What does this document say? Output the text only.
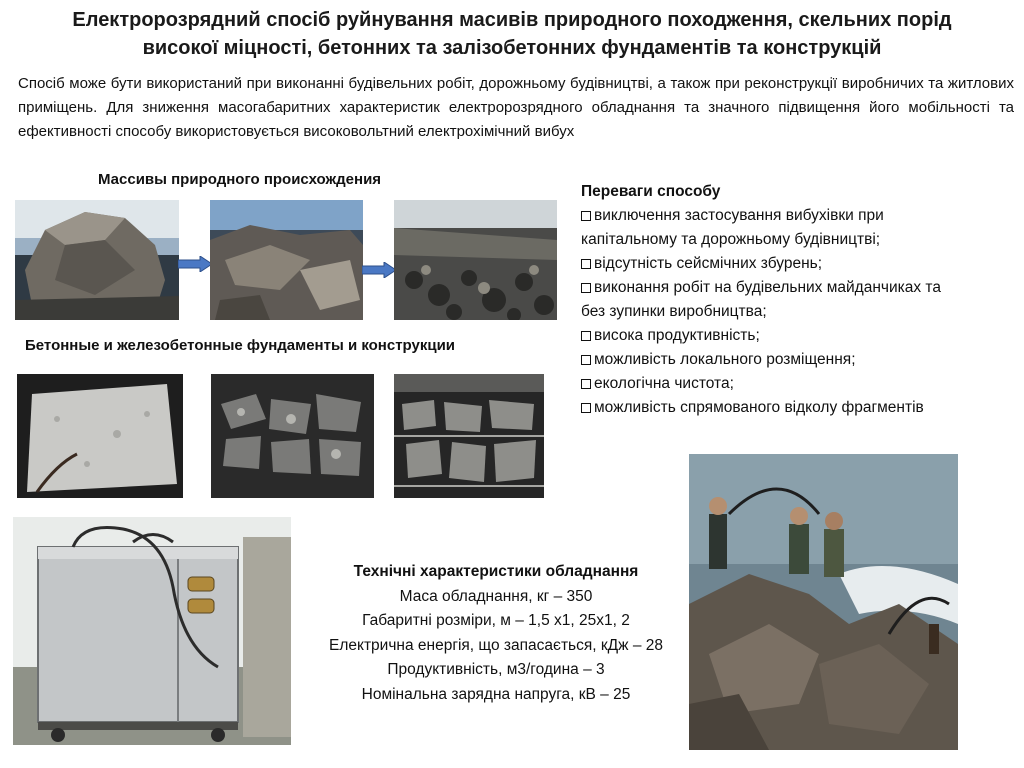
Електророзрядний спосіб руйнування масивів природного походження, скельних порід
високої міцності, бетонних та залізобетонних фундаментів та конструкцій
Спосіб може бути використаний при виконанні будівельних робіт, дорожньому будівництві, а також при реконструкції виробничих та житлових приміщень. Для зниження масогабаритних характеристик електророзрядного обладнання та значного підвищення його мобільності та ефективності способу використовується високовольтний електрохімічний вибух
Массивы природного происхождения
Бетонные и железобетонные фундаменты и конструкции
Переваги способу
виключення застосування вибухівки при
капітальному та дорожньому будівництві;
відсутність сейсмічних збурень;
виконання робіт на будівельних майданчиках та
без зупинки виробництва;
висока продуктивність;
можливість локального розміщення;
екологічна чистота;
можливість спрямованого відколу фрагментів
Технічні характеристики обладнання
Маса обладнання, кг – 350
Габаритні розміри, м – 1,5 х1, 25х1, 2
Електрична енергія, що запасається, кДж – 28
Продуктивність, м3/година – 3
Номінальна зарядна напруга, кВ – 25
